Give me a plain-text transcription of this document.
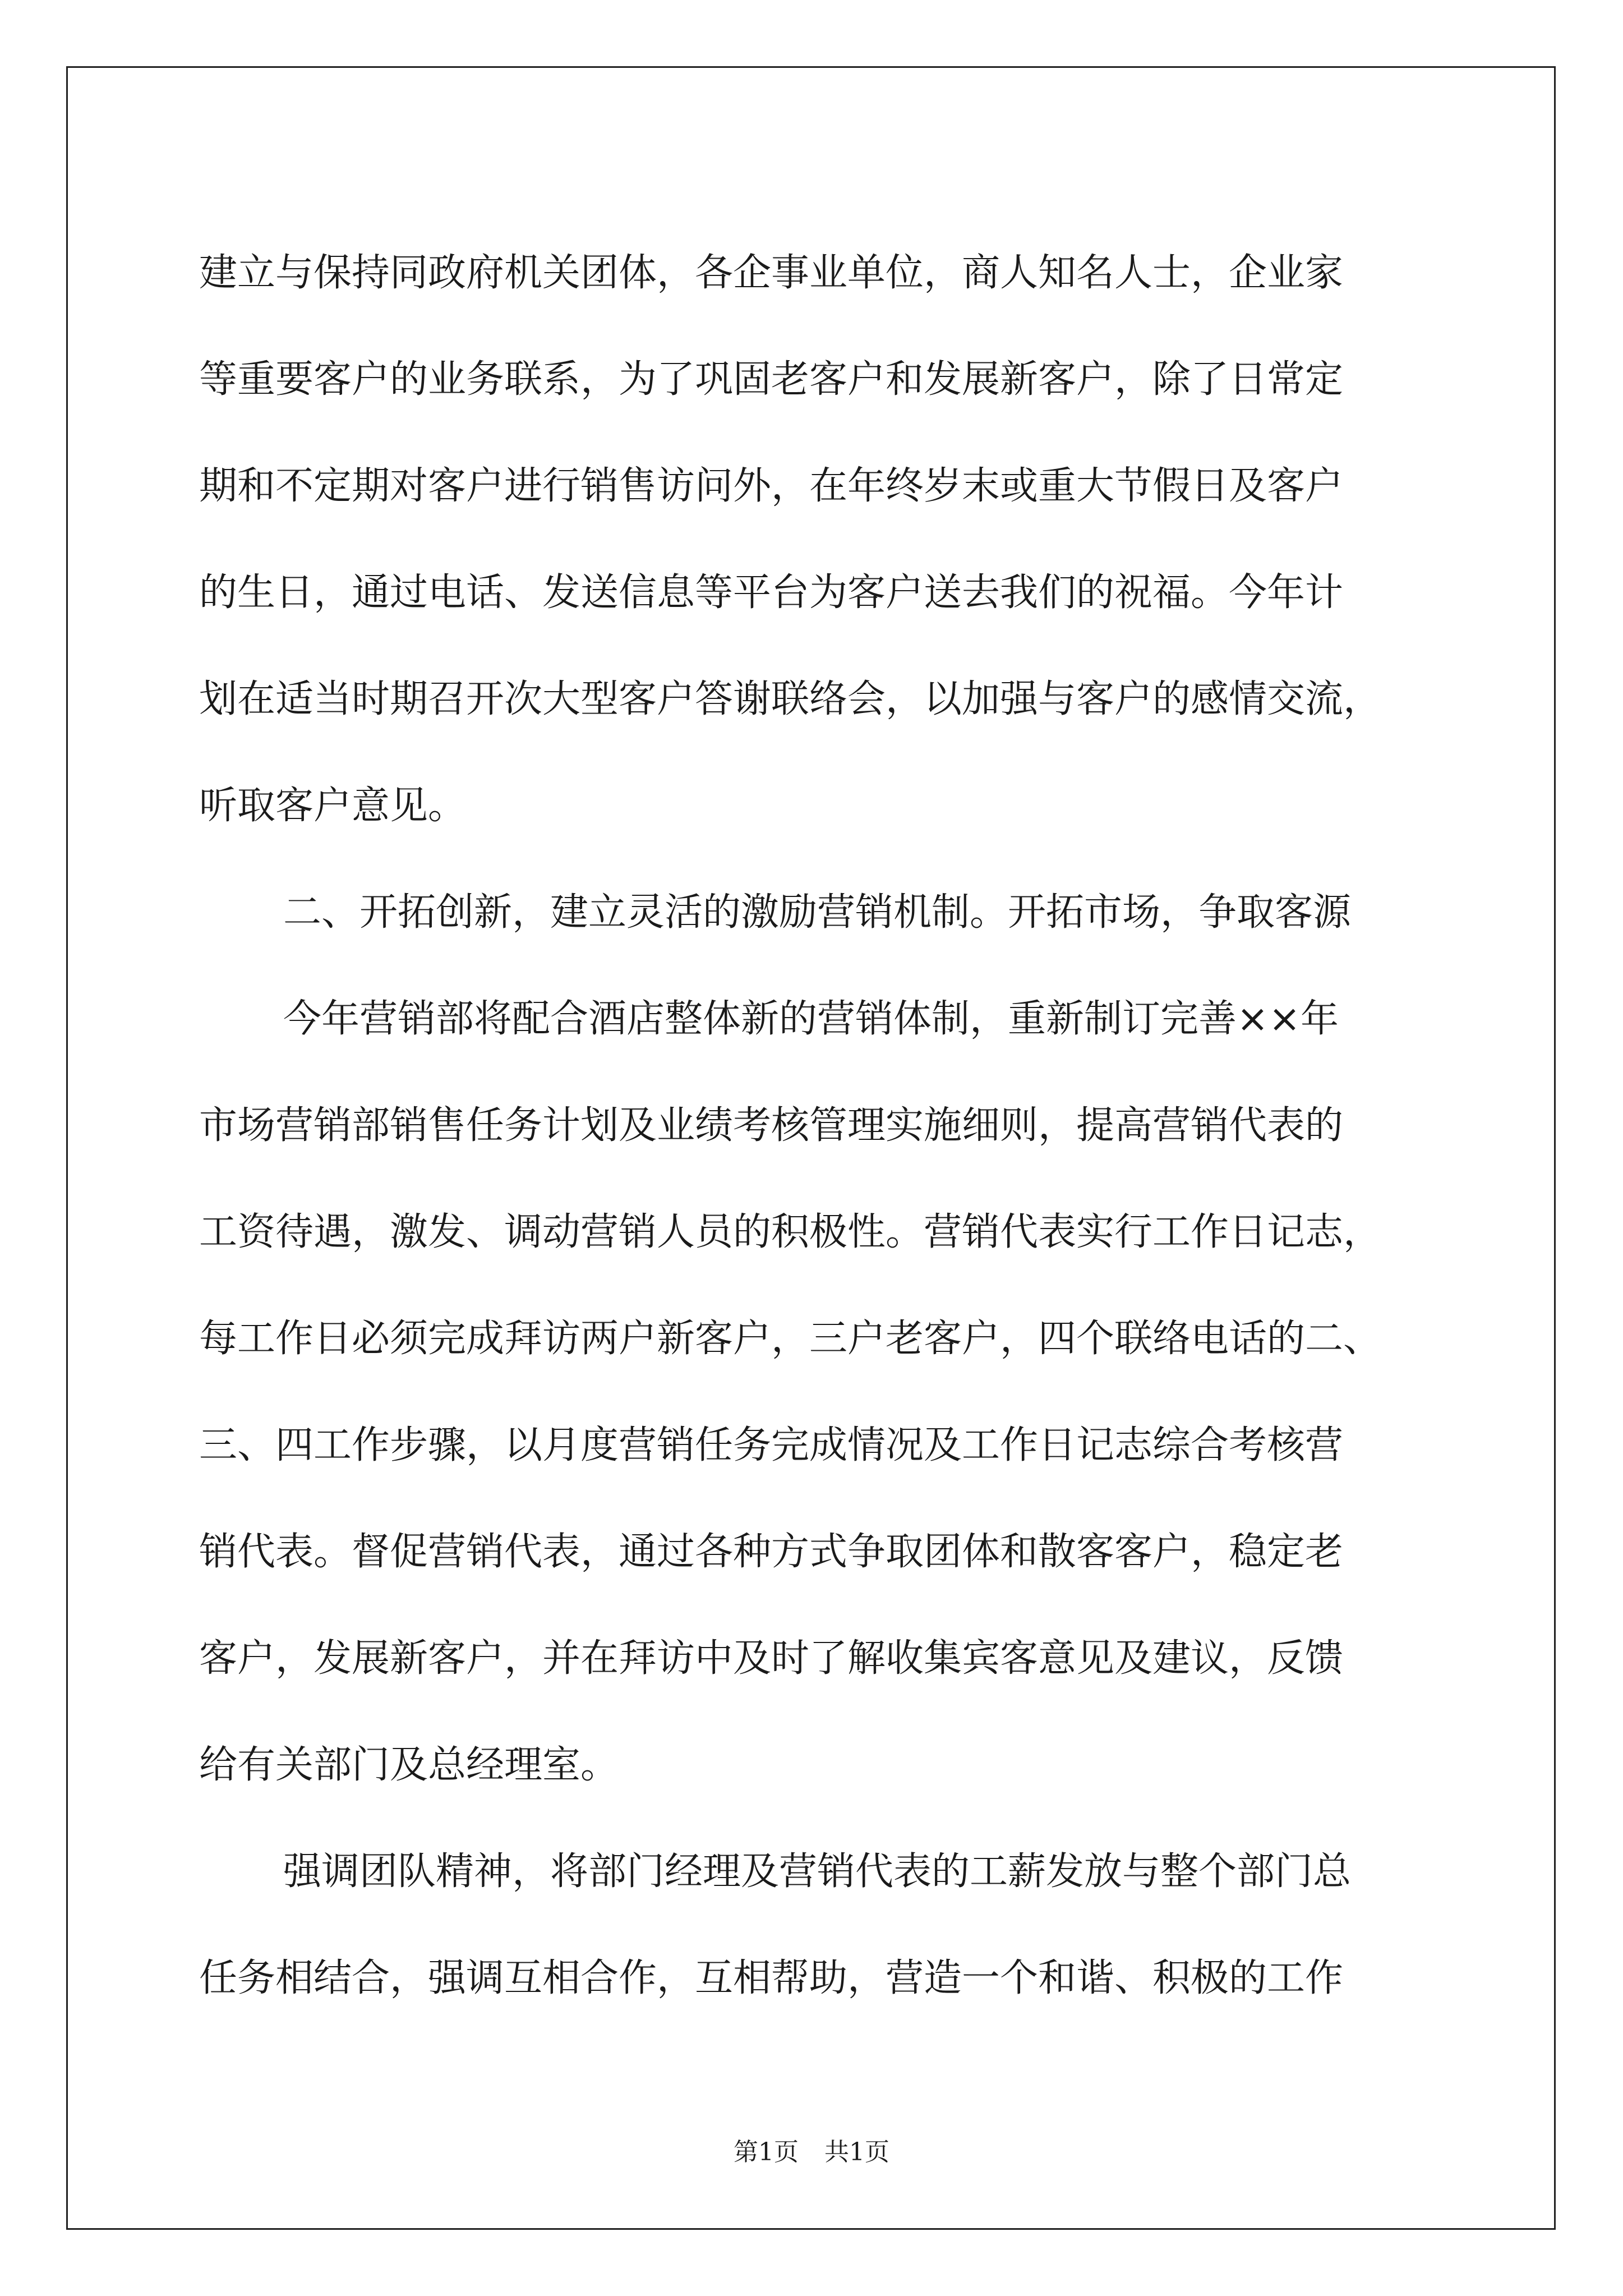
建立与保持同政府机关团体，各企事业单位，商人知名人士，企业家
等重要客户的业务联系，为了巩固老客户和发展新客户，除了日常定
期和不定期对客户进行销售访问外，在年终岁末或重大节假日及客户
的生日，通过电话、发送信息等平台为客户送去我们的祝福。今年计
划在适当时期召开次大型客户答谢联络会，以加强与客户的感情交流，
听取客户意见。
二、开拓创新，建立灵活的激励营销机制。开拓市场，争取客源
今年营销部将配合酒店整体新的营销体制，重新制订完善××年
市场营销部销售任务计划及业绩考核管理实施细则，提高营销代表的
工资待遇，激发、调动营销人员的积极性。营销代表实行工作日记志，
每工作日必须完成拜访两户新客户，三户老客户，四个联络电话的二、
三、四工作步骤，以月度营销任务完成情况及工作日记志综合考核营
销代表。督促营销代表，通过各种方式争取团体和散客客户，稳定老
客户，发展新客户，并在拜访中及时了解收集宾客意见及建议，反馈
给有关部门及总经理室。
强调团队精神，将部门经理及营销代表的工薪发放与整个部门总
任务相结合，强调互相合作，互相帮助，营造一个和谐、积极的工作
第1页 共1页
